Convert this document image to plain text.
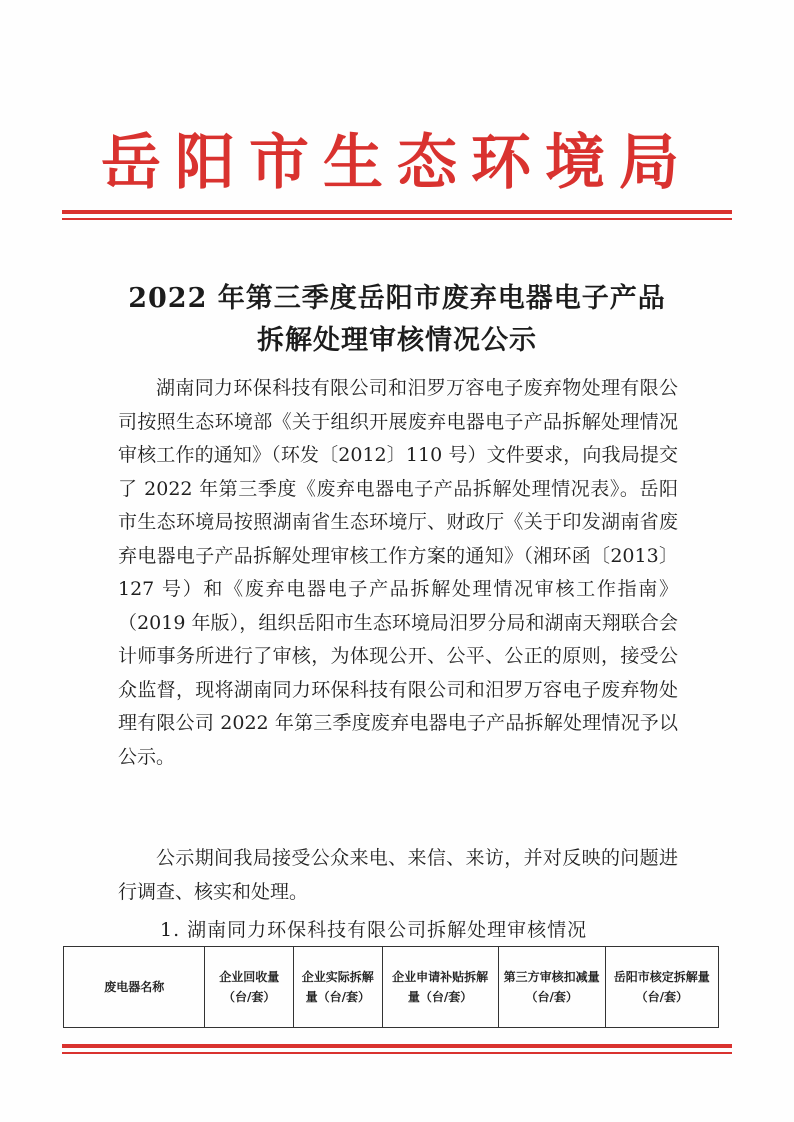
岳阳市生态环境局
2022 年第三季度岳阳市废弃电器电子产品
拆解处理审核情况公示

湖南同力环保科技有限公司和汨罗万容电子废弃物处理有限公司按照生态环境部《关于组织开展废弃电器电子产品拆解处理情况审核工作的通知》（环发〔2012〕110 号）文件要求，向我局提交了 2022 年第三季度《废弃电器电子产品拆解处理情况表》。岳阳市生态环境局按照湖南省生态环境厅、财政厅《关于印发湖南省废弃电器电子产品拆解处理审核工作方案的通知》（湘环函〔2013〕127 号）和《废弃电器电子产品拆解处理情况审核工作指南》（2019 年版），组织岳阳市生态环境局汨罗分局和湖南天翔联合会计师事务所进行了审核，为体现公开、公平、公正的原则，接受公众监督，现将湖南同力环保科技有限公司和汨罗万容电子废弃物处理有限公司 2022 年第三季度废弃电器电子产品拆解处理情况予以公示。

公示期间我局接受公众来电、来信、来访，并对反映的问题进行调查、核实和处理。

1. 湖南同力环保科技有限公司拆解处理审核情况
废电器名称	企业回收量（台/套）	企业实际拆解量（台/套）	企业申请补贴拆解量（台/套）	第三方审核扣减量（台/套）	岳阳市核定拆解量（台/套）
